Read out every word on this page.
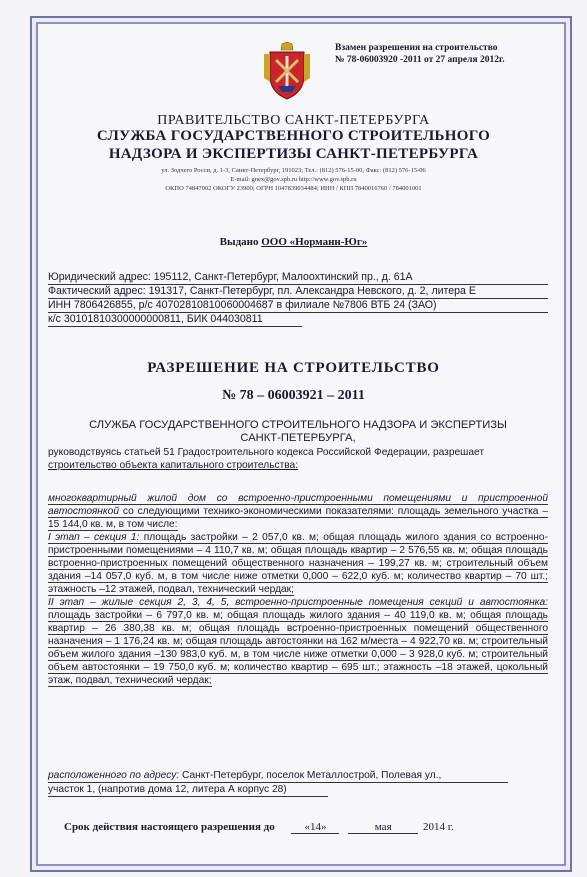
Взамен разрешения на строительство
№ 78-06003920 -2011 от 27 апреля 2012г.
ПРАВИТЕЛЬСТВО САНКТ-ПЕТЕРБУРГА
СЛУЖБА ГОСУДАРСТВЕННОГО СТРОИТЕЛЬНОГО
НАДЗОРА И ЭКСПЕРТИЗЫ САНКТ-ПЕТЕРБУРГА
ул. Зодчего Росси, д. 1-3, Санкт-Петербург, 191023; Тел.: (812) 576-15-00, Факс: (812) 576-15-06
E-mail: gnex@gov.spb.ru http://www.gov.spb.ru
ОКПО 74847002 ОКОГУ 23900; ОГРН 1047839034484; ИНН / КПП 7840016760 / 784001001
Выдано ООО «Норманн-Юг»
Юридический адрес: 195112, Санкт-Петербург, Малоохтинский пр., д. 61А
Фактический адрес: 191317, Санкт-Петербург, пл. Александра Невского, д. 2, литера Е
ИНН 7806426855, р/с 40702810810060004687 в филиале №7806 ВТБ 24 (ЗАО)
к/с 30101810300000000811, БИК 044030811
РАЗРЕШЕНИЕ НА СТРОИТЕЛЬСТВО
№ 78 – 06003921 – 2011
СЛУЖБА ГОСУДАРСТВЕННОГО СТРОИТЕЛЬНОГО НАДЗОРА И ЭКСПЕРТИЗЫ
САНКТ-ПЕТЕРБУРГА,
руководствуясь статьей 51 Градостроительного кодекса Российской Федерации, разрешает
строительство объекта капитального строительства:

многоквартирный жилой дом со встроенно-пристроенными помещениями и пристроенной автостоянкой со следующими технико-экономическими показателями: площадь земельного участка – 15 144,0 кв. м, в том числе:

I этап – секция 1: площадь застройки – 2 057,0 кв. м; общая площадь жилого здания со встроенно-пристроенными помещениями – 4 110,7 кв. м; общая площадь квартир – 2 576,55 кв. м; общая площадь встроенно-пристроенных помещений общественного назначения – 199,27 кв. м; строительный объем здания –14 057,0 куб. м, в том числе ниже отметки 0,000 – 622,0 куб. м; количество квартир – 70 шт.; этажность –12 этажей, подвал, технический чердак;

II этап – жилые секция 2, 3, 4, 5, встроенно-пристроенные помещения секций и автостоянка: площадь застройки – 6 797,0 кв. м; общая площадь жилого здания – 40 119,0 кв. м; общая площадь квартир – 26 380,38 кв. м; общая площадь встроенно-пристроенных помещений общественного назначения – 1 176,24 кв. м; общая площадь автостоянки на 162 м/места – 4 922,70 кв. м; строительный объем жилого здания –130 983,0 куб. м, в том числе ниже отметки 0,000 – 3 928,0 куб. м; строительный объем автостоянки – 19 750,0 куб. м; количество квартир – 695 шт.; этажность –18 этажей, цокольный этаж, подвал, технический чердак;

расположенного по адресу: Санкт-Петербург, поселок Металлострой, Полевая ул.,
участок 1, (напротив дома 12, литера А корпус 28)
Срок действия настоящего разрешения до	«14»	мая	2014 г.
